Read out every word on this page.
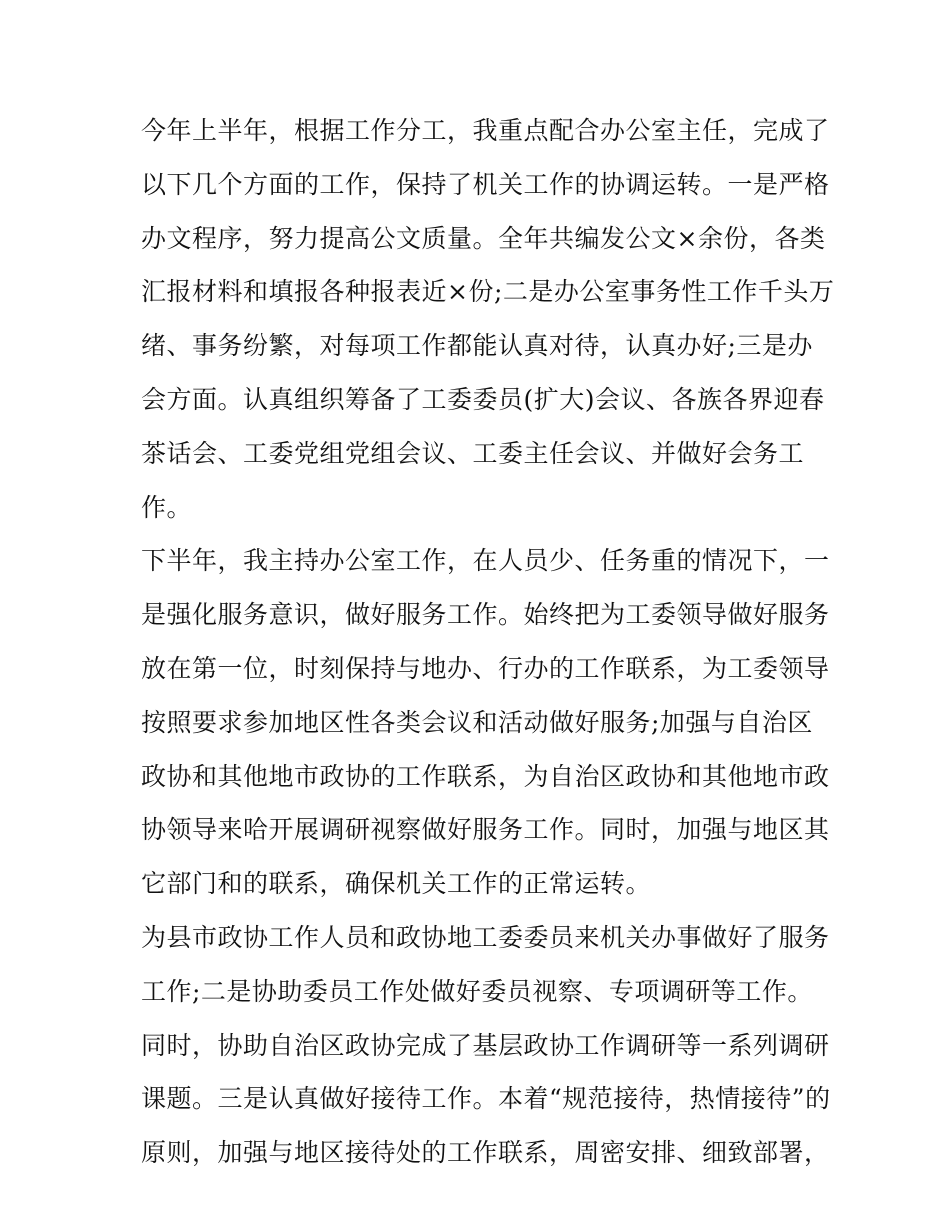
今年上半年，根据工作分工，我重点配合办公室主任，完成了
以下几个方面的工作，保持了机关工作的协调运转。一是严格
办文程序，努力提高公文质量。全年共编发公文×余份，各类
汇报材料和填报各种报表近×份;二是办公室事务性工作千头万
绪、事务纷繁，对每项工作都能认真对待，认真办好;三是办
会方面。认真组织筹备了工委委员(扩大)会议、各族各界迎春
茶话会、工委党组党组会议、工委主任会议、并做好会务工
作。
下半年，我主持办公室工作，在人员少、任务重的情况下，一
是强化服务意识，做好服务工作。始终把为工委领导做好服务
放在第一位，时刻保持与地办、行办的工作联系，为工委领导
按照要求参加地区性各类会议和活动做好服务;加强与自治区
政协和其他地市政协的工作联系，为自治区政协和其他地市政
协领导来哈开展调研视察做好服务工作。同时，加强与地区其
它部门和的联系，确保机关工作的正常运转。
为县市政协工作人员和政协地工委委员来机关办事做好了服务
工作;二是协助委员工作处做好委员视察、专项调研等工作。
同时，协助自治区政协完成了基层政协工作调研等一系列调研
课题。三是认真做好接待工作。本着“规范接待，热情接待”的
原则，加强与地区接待处的工作联系，周密安排、细致部署，
